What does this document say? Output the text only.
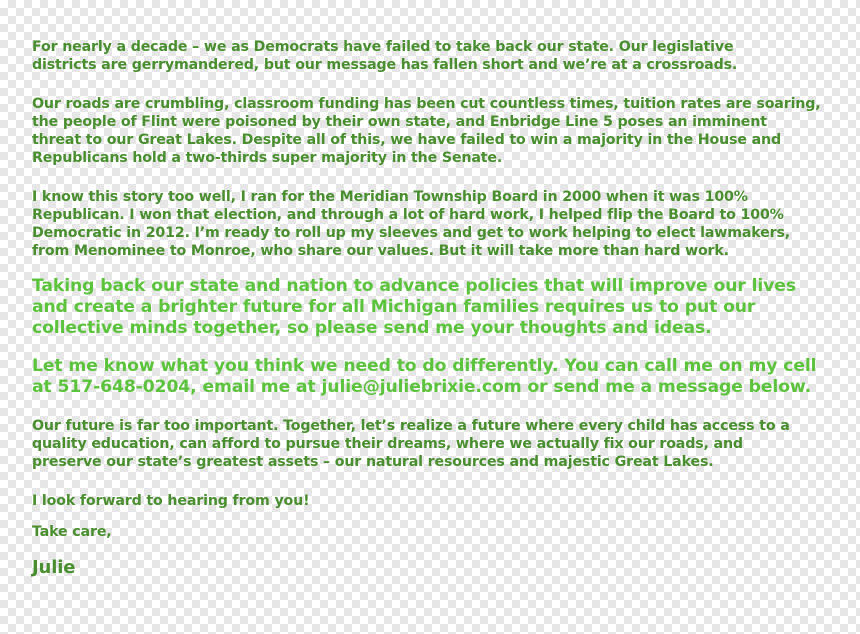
For nearly a decade – we as Democrats have failed to take back our state. Our legislative
districts are gerrymandered, but our message has fallen short and we’re at a crossroads.

Our roads are crumbling, classroom funding has been cut countless times, tuition rates are soaring,
the people of Flint were poisoned by their own state, and Enbridge Line 5 poses an imminent
threat to our Great Lakes. Despite all of this, we have failed to win a majority in the House and
Republicans hold a two-thirds super majority in the Senate.

I know this story too well, I ran for the Meridian Township Board in 2000 when it was 100%
Republican. I won that election, and through a lot of hard work, I helped flip the Board to 100%
Democratic in 2012. I’m ready to roll up my sleeves and get to work helping to elect lawmakers,
from Menominee to Monroe, who share our values. But it will take more than hard work.

Taking back our state and nation to advance policies that will improve our lives
and create a brighter future for all Michigan families requires us to put our
collective minds together, so please send me your thoughts and ideas.

Let me know what you think we need to do differently. You can call me on my cell
at 517-648-0204, email me at julie@juliebrixie.com or send me a message below.

Our future is far too important. Together, let’s realize a future where every child has access to a
quality education, can afford to pursue their dreams, where we actually fix our roads, and
preserve our state’s greatest assets – our natural resources and majestic Great Lakes.

I look forward to hearing from you!

Take care,

Julie
